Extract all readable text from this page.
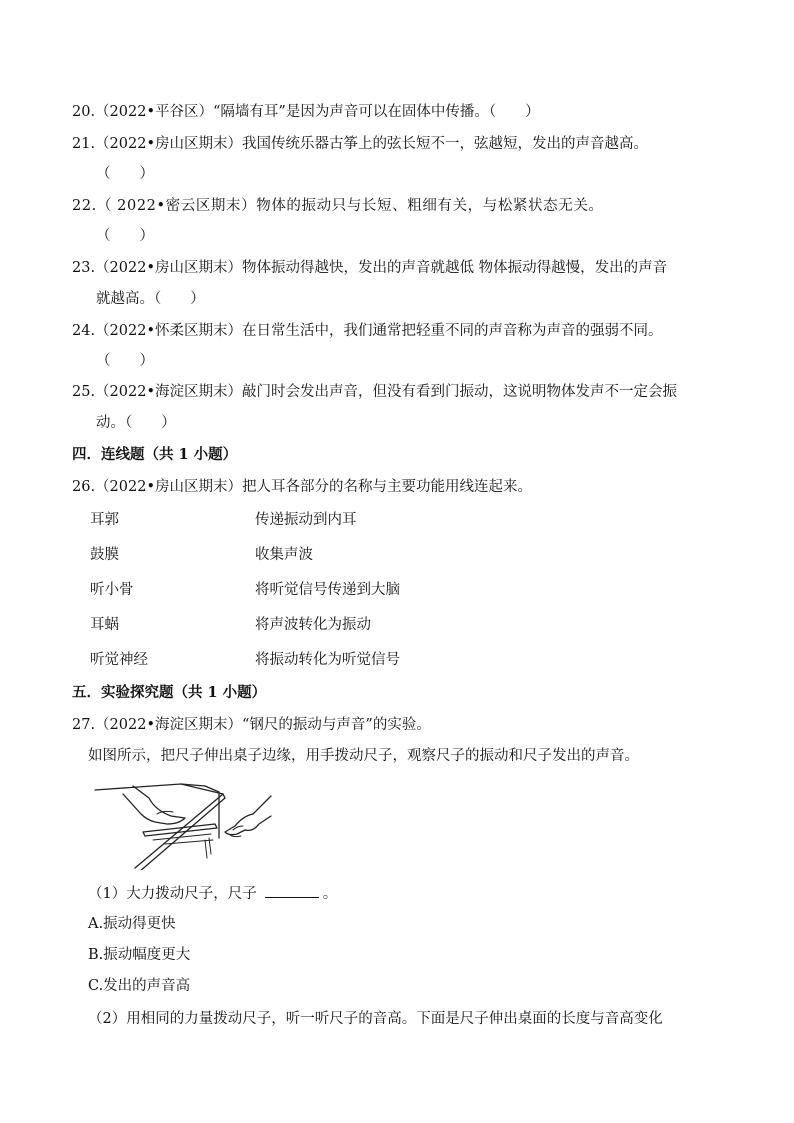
20.（2022•平谷区）“隔墙有耳”是因为声音可以在固体中传播。（　　）
21.（2022•房山区期末）我国传统乐器古筝上的弦长短不一，弦越短，发出的声音越高。
（　　）
22.（ 2022•密云区期末）物体的振动只与长短、粗细有关，与松紧状态无关。
（　　）
23.（2022•房山区期末）物体振动得越快，发出的声音就越低 物体振动得越慢，发出的声音
就越高。（　　）
24.（2022•怀柔区期末）在日常生活中，我们通常把轻重不同的声音称为声音的强弱不同。
（　　）
25.（2022•海淀区期末）敲门时会发出声音，但没有看到门振动，这说明物体发声不一定会振
动。（　　）
四．连线题（共 1 小题）
26.（2022•房山区期末）把人耳各部分的名称与主要功能用线连起来。
耳郭	传递振动到内耳
鼓膜	收集声波
听小骨	将听觉信号传递到大脑
耳蜗	将声波转化为振动
听觉神经	将振动转化为听觉信号
五．实验探究题（共 1 小题）
27.（2022•海淀区期末）“钢尺的振动与声音”的实验。
如图所示，把尺子伸出桌子边缘，用手拨动尺子，观察尺子的振动和尺子发出的声音。
（1）大力拨动尺子，尺子	。
A.振动得更快
B.振动幅度更大
C.发出的声音高
（2）用相同的力量拨动尺子，听一听尺子的音高。下面是尺子伸出桌面的长度与音高变化
